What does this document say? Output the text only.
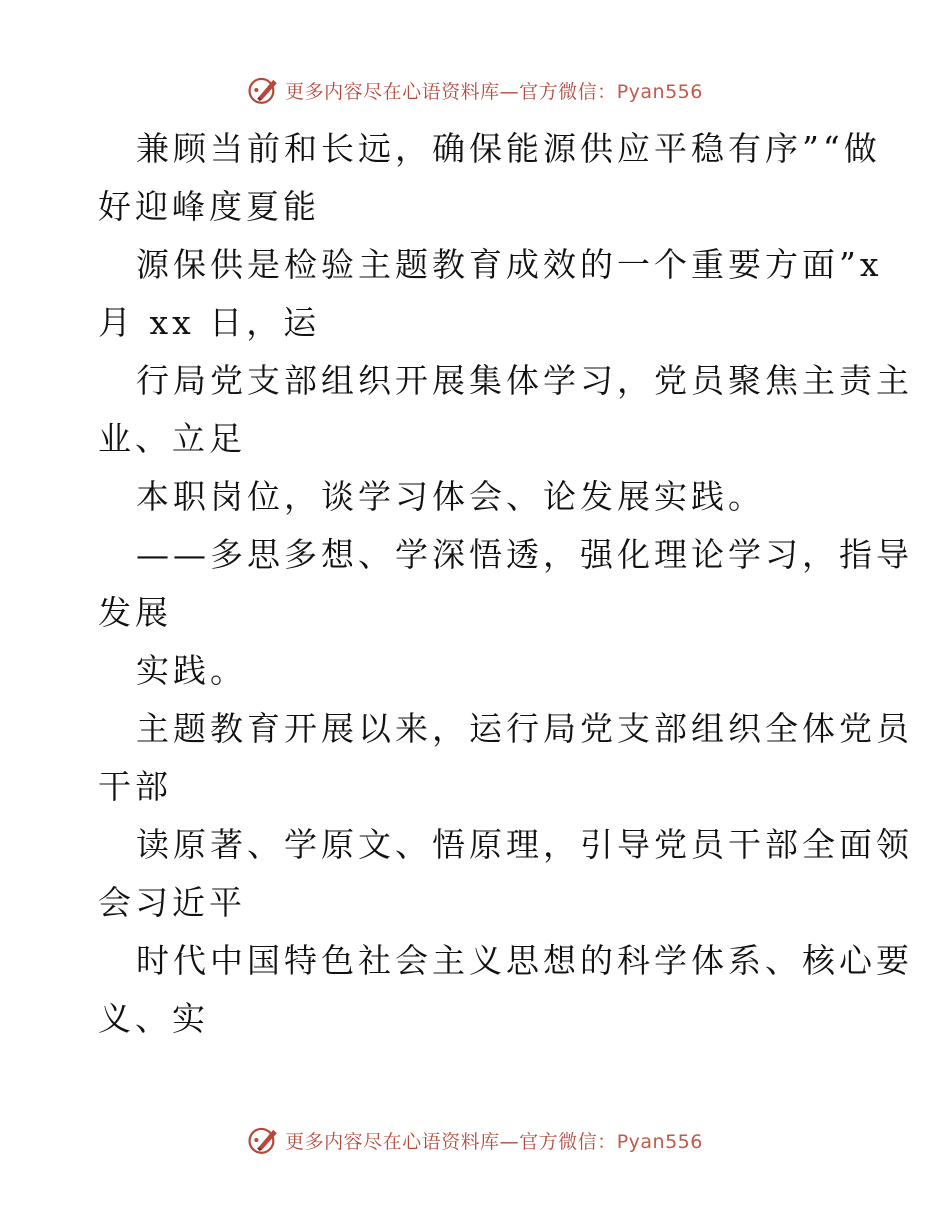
更多内容尽在心语资料库—官方微信：Pyan556

兼顾当前和长远，确保能源供应平稳有序”“做

好迎峰度夏能

源保供是检验主题教育成效的一个重要方面”x

月 xx 日，运

行局党支部组织开展集体学习，党员聚焦主责主

业、立足

本职岗位，谈学习体会、论发展实践。

——多思多想、学深悟透，强化理论学习，指导

发展

实践。

主题教育开展以来，运行局党支部组织全体党员

干部

读原著、学原文、悟原理，引导党员干部全面领

会习近平

时代中国特色社会主义思想的科学体系、核心要

义、实

更多内容尽在心语资料库—官方微信：Pyan556
